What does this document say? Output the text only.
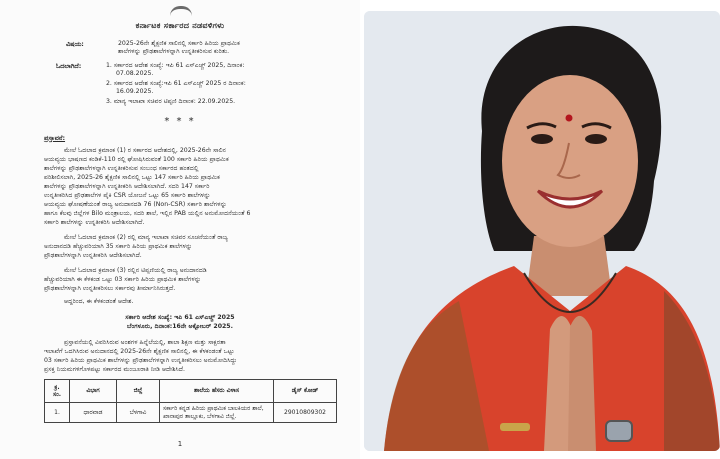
ಕರ್ನಾಟಕ ಸರ್ಕಾರದ ನಡವಳಿಗಳು
ವಿಷಯ:	2025-26ನೇ ಶೈಕ್ಷಣಿಕ ಸಾಲಿನಲ್ಲಿ ಸರ್ಕಾರಿ ಹಿರಿಯ ಪ್ರಾಥಮಿಕ
ಶಾಲೆಗಳನ್ನು ಪ್ರೌಢಶಾಲೆಗಳನ್ನಾಗಿ ಉನ್ನತೀಕರಿಸುವ ಕುರಿತು.
ಓದಲಾಗಿದೆ:	1. ಸರ್ಕಾರದ ಆದೇಶ ಸಂಖ್ಯೆ: ಇಪಿ 61 ಎಸ್ಎಚ್ಚ್ 2025, ದಿನಾಂಕ:
07.08.2025.
2. ಸರ್ಕಾರದ ಆದೇಶ ಸಂಖ್ಯೆ:ಇಪಿ 61 ಎಸ್ಎಚ್ಚ್ 2025 ರ ದಿನಾಂಕ:
16.09.2025.
3. ಮಾನ್ಯ ಇಲಾಖಾ ಸಚಿವರ ಟಿಪ್ಪಣಿ ದಿನಾಂಕ: 22.09.2025.
* * *
ಪ್ರಸ್ತಾವನೆ:
ಮೇಲೆ ಓದಲಾದ ಕ್ರಮಾಂಕ (1) ರ ಸರ್ಕಾರದ ಆದೇಶದಲ್ಲಿ, 2025-26ನೇ ಸಾಲಿನ
ಆಯವ್ಯಯ ಭಾಷಣದ ಕಂಡಿಕೆ-110 ರಲ್ಲಿ ಘೋಷಿಸಿರುವಂತೆ 100 ಸರ್ಕಾರಿ ಹಿರಿಯ ಪ್ರಾಥಮಿಕ
ಶಾಲೆಗಳನ್ನು ಪ್ರೌಢಶಾಲೆಗಳನ್ನಾಗಿ ಉನ್ನತೀಕರಿಸುವ ಸಂಬಂಧ ಸರ್ಕಾರದ ಹಂತದಲ್ಲಿ
ಪರಿಶೀಲಿಸಲಾಗಿ, 2025-26 ಶೈಕ್ಷಣಿಕ ಸಾಲಿನಲ್ಲಿ ಒಟ್ಟು 147 ಸರ್ಕಾರಿ ಹಿರಿಯ ಪ್ರಾಥಮಿಕ
ಶಾಲೆಗಳನ್ನು ಪ್ರೌಢಶಾಲೆಗಳನ್ನಾಗಿ ಉನ್ನತೀಕರಿಸಿ ಆದೇಶಿಸಲಾಗಿದೆ. ಸದರಿ 147 ಸರ್ಕಾರಿ
ಉನ್ನತೀಕರಿಸಿದ ಪ್ರೌಢಶಾಲೆಗಳ ಪೈಕಿ CSR ಯೋಜನೆ ಒಟ್ಟು 65 ಸರ್ಕಾರಿ ಶಾಲೆಗಳನ್ನು
ಆಯವ್ಯಯ ಘೋಷಣೆಯಂತೆ ರಾಜ್ಯ ಅನುದಾನದಡಿ 76 (Non-CSR) ಸರ್ಕಾರಿ ಶಾಲೆಗಳನ್ನು
ಹಾಗೂ ಕೆಲವು ಜಿಲ್ಲೆಗಳ Bilo ಮಂತ್ರಾಲಯ, ಸದರಿ ಶಾಲೆ, ಇಲ್ಲಿನ PAB ಯಲ್ಲಿನ ಅನುಮೋದನೆಯಂತೆ 6
ಸರ್ಕಾರಿ ಶಾಲೆಗಳನ್ನು ಉನ್ನತೀಕರಿಸಿ ಆದೇಶಿಸಲಾಗಿದೆ.
ಮೇಲೆ ಓದಲಾದ ಕ್ರಮಾಂಕ (2) ರಲ್ಲಿ ಮಾನ್ಯ ಇಲಾಖಾ ಸಚಿವರ ಸೂಚನೆಯಂತೆ ರಾಜ್ಯ
ಅನುದಾನದಡಿ ಹೆಚ್ಚುವರಿಯಾಗಿ 35 ಸರ್ಕಾರಿ ಹಿರಿಯ ಪ್ರಾಥಮಿಕ ಶಾಲೆಗಳನ್ನು
ಪ್ರೌಢಶಾಲೆಗಳನ್ನಾಗಿ ಉನ್ನತೀಕರಿಸಿ ಆದೇಶಿಸಲಾಗಿದೆ.
ಮೇಲೆ ಓದಲಾದ ಕ್ರಮಾಂಕ (3) ರಲ್ಲಿನ ಟಿಪ್ಪಣಿಯಲ್ಲಿ ರಾಜ್ಯ ಅನುದಾನದಡಿ
ಹೆಚ್ಚುವರಿಯಾಗಿ ಈ ಕೆಳಕಂಡ ಒಟ್ಟು 03 ಸರ್ಕಾರಿ ಹಿರಿಯ ಪ್ರಾಥಮಿಕ ಶಾಲೆಗಳನ್ನು
ಪ್ರೌಢಶಾಲೆಗಳನ್ನಾಗಿ ಉನ್ನತೀಕರಿಸಲು ಸರ್ಕಾರವು ತೀರ್ಮಾನಿಸಿರುತ್ತದೆ.
ಆದ್ದರಿಂದ, ಈ ಕೆಳಕಂಡಂತೆ ಆದೇಶ.
ಸರ್ಕಾರಿ ಆದೇಶ ಸಂಖ್ಯೆ: ಇಪಿ 61 ಎಸ್ಎಚ್ಚ್ 2025
ಬೆಂಗಳೂರು, ದಿನಾಂಕ:16ನೇ ಅಕ್ಟೋಬರ್ 2025.
ಪ್ರಸ್ತಾವನೆಯಲ್ಲಿ ವಿವರಿಸಿರುವ ಅಂಶಗಳ ಹಿನ್ನೆಲೆಯಲ್ಲಿ, ಶಾಲಾ ಶಿಕ್ಷಣ ಮತ್ತು ಸಾಕ್ಷರತಾ
ಇಲಾಖೆಗೆ ಒದಗಿಸಿರುವ ಅನುದಾನದಲ್ಲಿ 2025-26ನೇ ಶೈಕ್ಷಣಿಕ ಸಾಲಿನಲ್ಲಿ, ಈ ಕೆಳಕಂಡಂತೆ ಒಟ್ಟು
03 ಸರ್ಕಾರಿ ಹಿರಿಯ ಪ್ರಾಥಮಿಕ ಶಾಲೆಗಳನ್ನು ಪ್ರೌಢಶಾಲೆಗಳನ್ನಾಗಿ ಉನ್ನತೀಕರಿಸಲು ಅನುಮೋದಿಸಿದ್ದು
ಪ್ರಸಕ್ತ ನಿಯಮಗಳಿಗೊಳಪಟ್ಟು ಸರ್ಕಾರದ ಮಂಜೂರಾತಿ ನೀಡಿ ಆದೇಶಿಸಿದೆ.
ಕ್ರ.
ಸಂ.	ವಿಭಾಗ	ಜಿಲ್ಲೆ	ಶಾಲೆಯ ಹೆಸರು ವಿಳಾಸ	ಡೈಸ್ ಕೋಡ್
1.	ಧಾರವಾಡ	ಬೆಳಗಾವಿ	ಸರ್ಕಾರಿ ಕನ್ನಡ ಹಿರಿಯ ಪ್ರಾಥಮಿಕ ಬಾಲಕಿಯರ ಶಾಲೆ, ಖಾನಾಪುರ ತಾಲ್ಲೂಕು, ಬೆಳಗಾವಿ ಜಿಲ್ಲೆ.	29010809302
1
